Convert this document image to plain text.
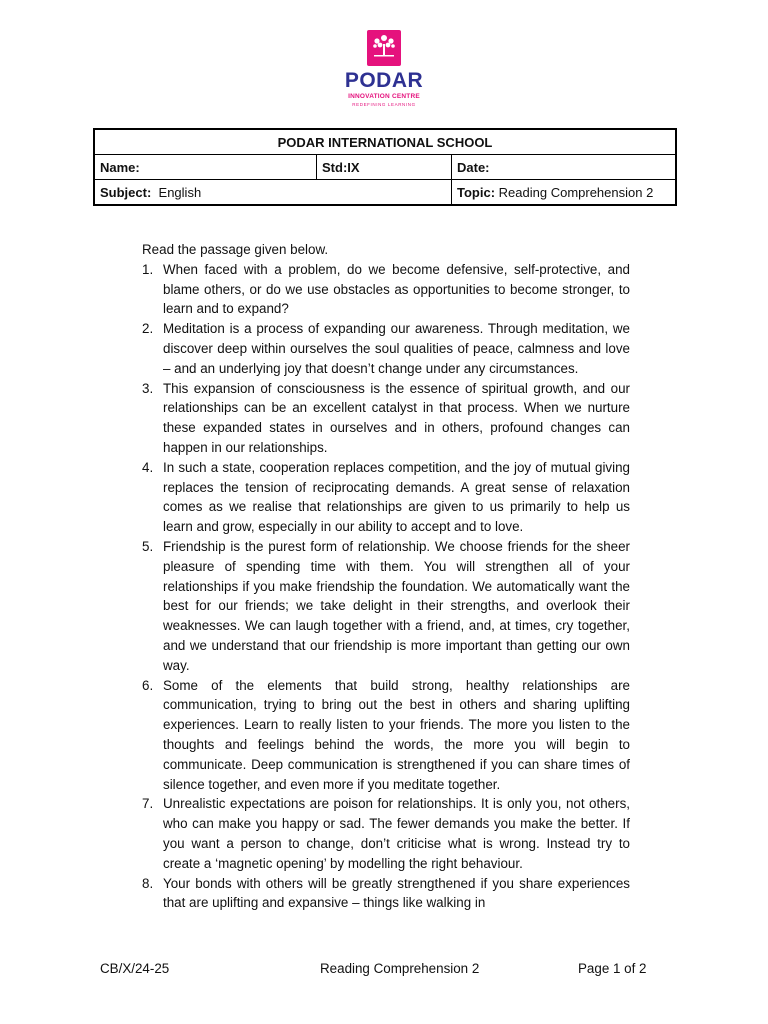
Since 1927
PODAR
INNOVATION CENTRE
REDEFINING LEARNING
PODAR INTERNATIONAL SCHOOL		
Name:	Std:IX	Date:
Subject: English		Topic: Reading Comprehension 2

Read the passage given below.

1. When faced with a problem, do we become defensive, self-protective, and blame others, or do we use obstacles as opportunities to become stronger, to learn and to expand?
2. Meditation is a process of expanding our awareness. Through meditation, we discover deep within ourselves the soul qualities of peace, calmness and love – and an underlying joy that doesn’t change under any circumstances.
3. This expansion of consciousness is the essence of spiritual growth, and our relationships can be an excellent catalyst in that process. When we nurture these expanded states in ourselves and in others, profound changes can happen in our relationships.
4. In such a state, cooperation replaces competition, and the joy of mutual giving replaces the tension of reciprocating demands. A great sense of relaxation comes as we realise that relationships are given to us primarily to help us learn and grow, especially in our ability to accept and to love.
5. Friendship is the purest form of relationship. We choose friends for the sheer pleasure of spending time with them. You will strengthen all of your relationships if you make friendship the foundation. We automatically want the best for our friends; we take delight in their strengths, and overlook their weaknesses. We can laugh together with a friend, and, at times, cry together, and we understand that our friendship is more important than getting our own way.
6. Some of the elements that build strong, healthy relationships are communication, trying to bring out the best in others and sharing uplifting experiences. Learn to really listen to your friends. The more you listen to the thoughts and feelings behind the words, the more you will begin to communicate. Deep communication is strengthened if you can share times of silence together, and even more if you meditate together.
7. Unrealistic expectations are poison for relationships. It is only you, not others, who can make you happy or sad. The fewer demands you make the better. If you want a person to change, don’t criticise what is wrong. Instead try to create a ‘magnetic opening’ by modelling the right behaviour.
8. Your bonds with others will be greatly strengthened if you share experiences that are uplifting and expansive – things like walking in
CB/X/24-25	Reading Comprehension 2	Page 1 of 2
